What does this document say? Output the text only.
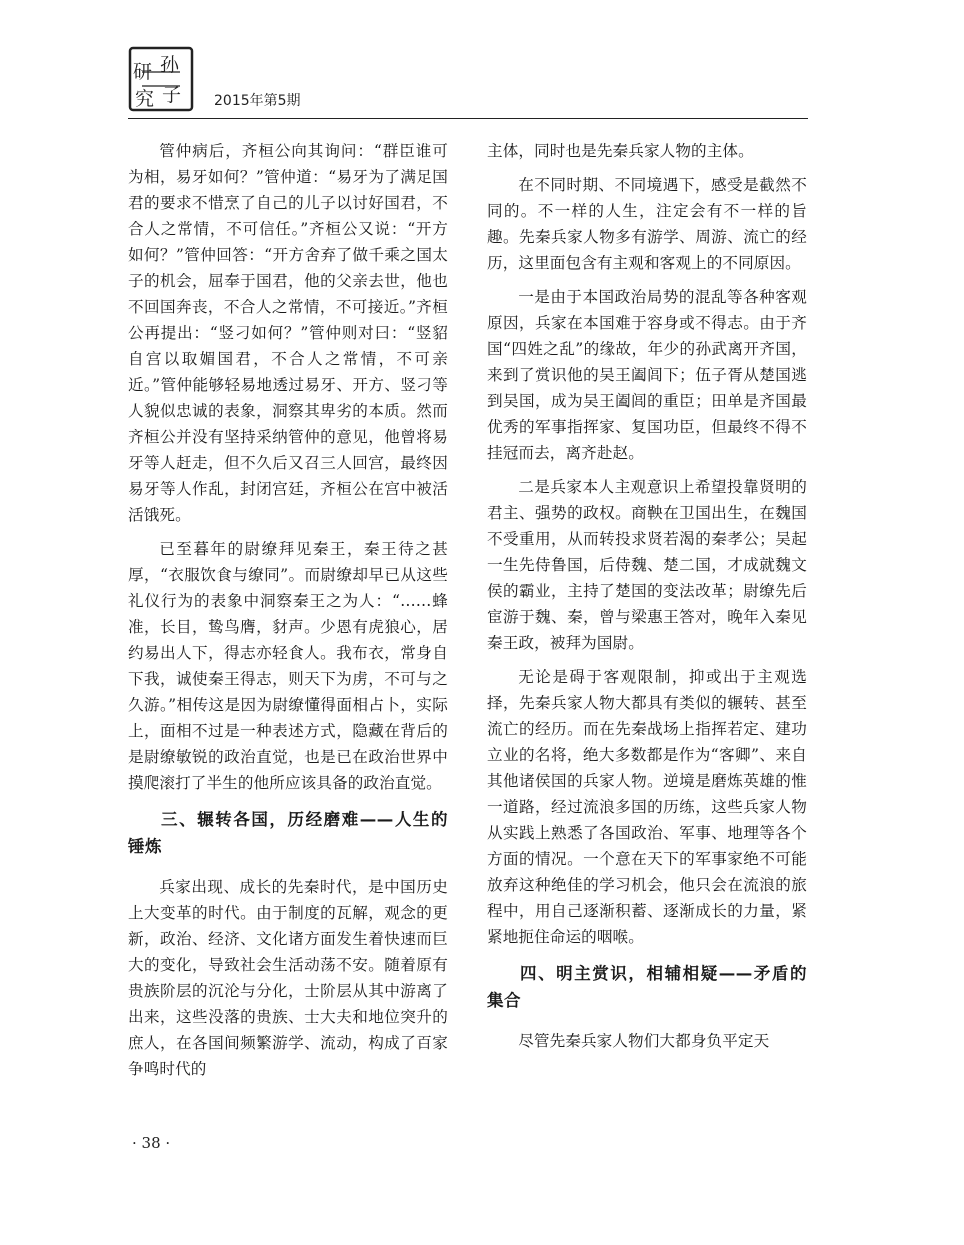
研 孙
子
究	2015年第5期

管仲病后，齐桓公向其询问：“群臣谁可为相，易牙如何？”管仲道：“易牙为了满足国君的要求不惜烹了自己的儿子以讨好国君，不合人之常情，不可信任。”齐桓公又说：“开方如何？”管仲回答：“开方舍弃了做千乘之国太子的机会，屈奉于国君，他的父亲去世，他也不回国奔丧，不合人之常情，不可接近。”齐桓公再提出：“竖刁如何？”管仲则对曰：“竖貂自宫以取媚国君，不合人之常情，不可亲近。”管仲能够轻易地透过易牙、开方、竖刁等人貌似忠诚的表象，洞察其卑劣的本质。然而齐桓公并没有坚持采纳管仲的意见，他曾将易牙等人赶走，但不久后又召三人回宫，最终因易牙等人作乱，封闭宫廷，齐桓公在宫中被活活饿死。

已至暮年的尉缭拜见秦王，秦王待之甚厚，“衣服饮食与缭同”。而尉缭却早已从这些礼仪行为的表象中洞察秦王之为人：“……蜂准，长目，鸷鸟膺，豺声。少恩有虎狼心，居约易出人下，得志亦轻食人。我布衣，常身自下我，诚使秦王得志，则天下为虏，不可与之久游。”相传这是因为尉缭懂得面相占卜，实际上，面相不过是一种表述方式，隐藏在背后的是尉缭敏锐的政治直觉，也是已在政治世界中摸爬滚打了半生的他所应该具备的政治直觉。

三、辗转各国，历经磨难——人生的锤炼

兵家出现、成长的先秦时代，是中国历史上大变革的时代。由于制度的瓦解，观念的更新，政治、经济、文化诸方面发生着快速而巨大的变化，导致社会生活动荡不安。随着原有贵族阶层的沉沦与分化，士阶层从其中游离了出来，这些没落的贵族、士大夫和地位突升的庶人，在各国间频繁游学、流动，构成了百家争鸣时代的

主体，同时也是先秦兵家人物的主体。

在不同时期、不同境遇下，感受是截然不同的。不一样的人生，注定会有不一样的旨趣。先秦兵家人物多有游学、周游、流亡的经历，这里面包含有主观和客观上的不同原因。

一是由于本国政治局势的混乱等各种客观原因，兵家在本国难于容身或不得志。由于齐国“四姓之乱”的缘故，年少的孙武离开齐国，来到了赏识他的吴王阖闾下；伍子胥从楚国逃到吴国，成为吴王阖闾的重臣；田单是齐国最优秀的军事指挥家、复国功臣，但最终不得不挂冠而去，离齐赴赵。

二是兵家本人主观意识上希望投靠贤明的君主、强势的政权。商鞅在卫国出生，在魏国不受重用，从而转投求贤若渴的秦孝公；吴起一生先侍鲁国，后侍魏、楚二国，才成就魏文侯的霸业，主持了楚国的变法改革；尉缭先后宦游于魏、秦，曾与梁惠王答对，晚年入秦见秦王政，被拜为国尉。

无论是碍于客观限制，抑或出于主观选择，先秦兵家人物大都具有类似的辗转、甚至流亡的经历。而在先秦战场上指挥若定、建功立业的名将，绝大多数都是作为“客卿”、来自其他诸侯国的兵家人物。逆境是磨炼英雄的惟一道路，经过流浪多国的历练，这些兵家人物从实践上熟悉了各国政治、军事、地理等各个方面的情况。一个意在天下的军事家绝不可能放弃这种绝佳的学习机会，他只会在流浪的旅程中，用自己逐渐积蓄、逐渐成长的力量，紧紧地扼住命运的咽喉。

四、明主赏识，相辅相疑——矛盾的集合

尽管先秦兵家人物们大都身负平定天

· 38 ·
